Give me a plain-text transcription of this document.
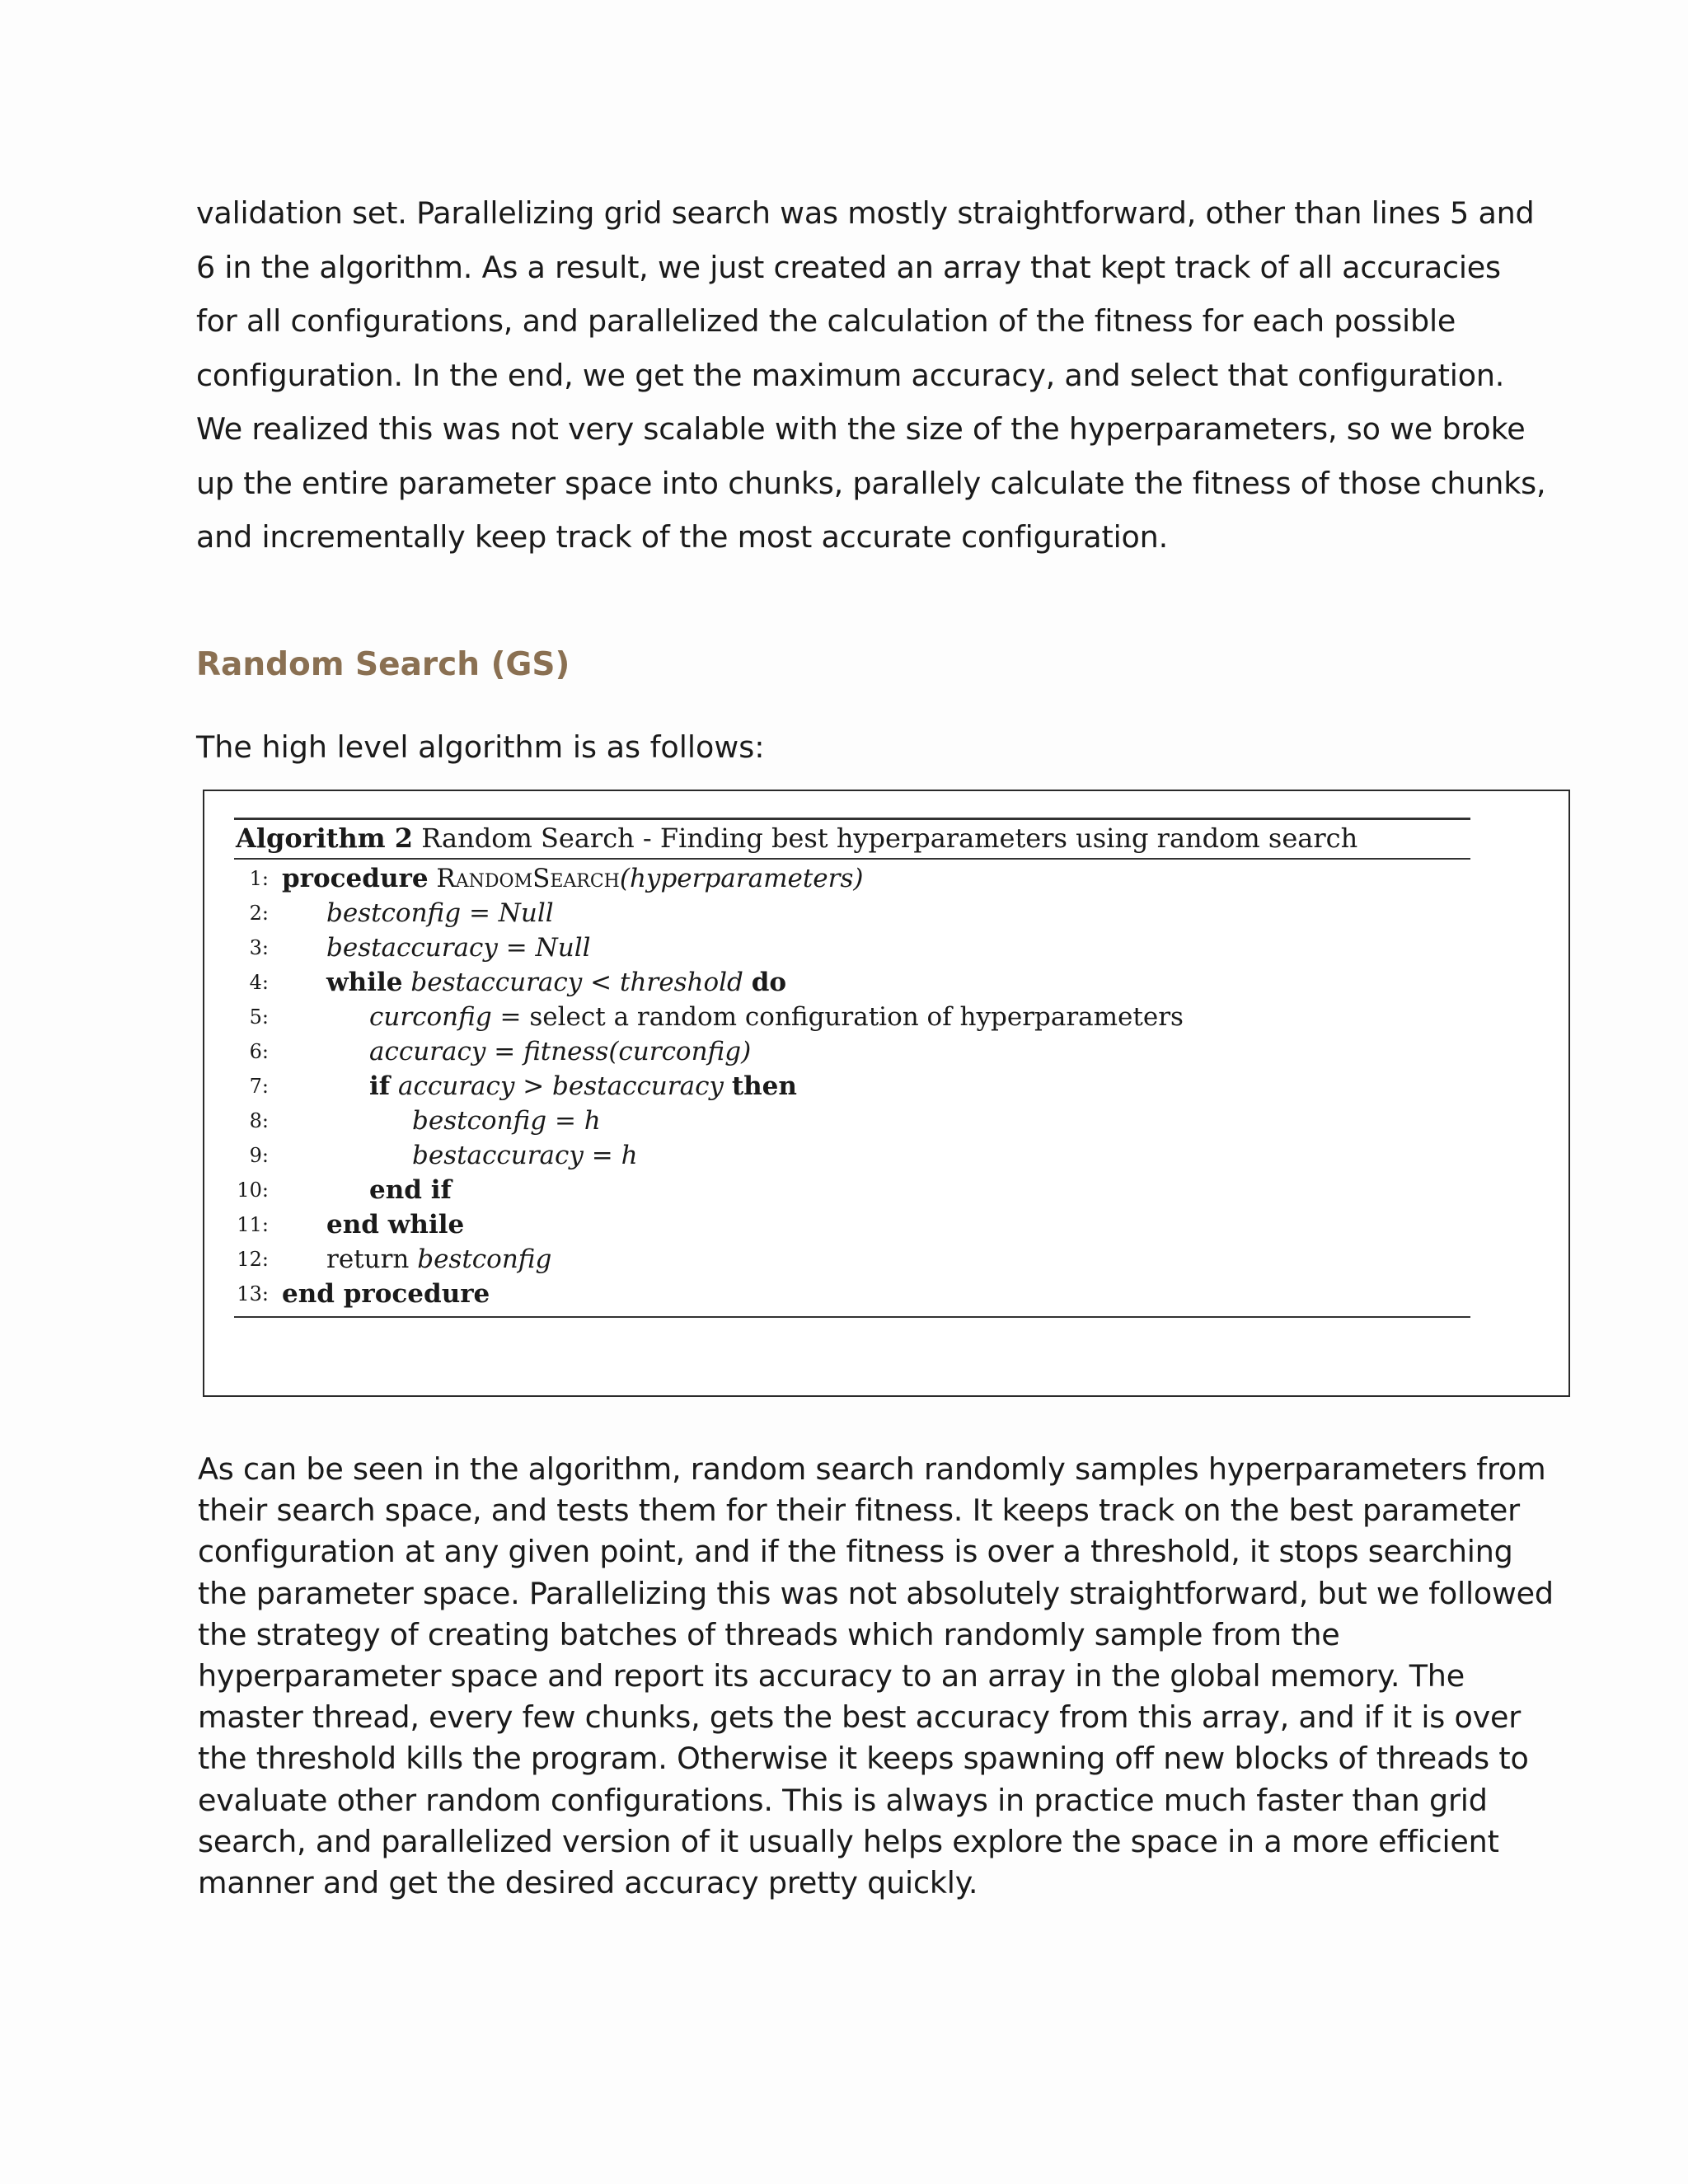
validation set. Parallelizing grid search was mostly straightforward, other than lines 5 and 6 in the algorithm. As a result, we just created an array that kept track of all accuracies for all configurations, and parallelized the calculation of the fitness for each possible configuration. In the end, we get the maximum accuracy, and select that configuration. We realized this was not very scalable with the size of the hyperparameters, so we broke up the entire parameter space into chunks, parallely calculate the fitness of those chunks, and incrementally keep track of the most accurate configuration.

Random Search (GS)

The high level algorithm is as follows:

Algorithm 2 Random Search - Finding best hyperparameters using random search
1: procedure RandomSearch(hyperparameters)
2: bestconfig = Null
3: bestaccuracy = Null
4: while bestaccuracy < threshold do
5:	curconfig = select a random configuration of hyperparameters
6:	accuracy = fitness(curconfig)
7:	if accuracy > bestaccuracy then
8:	bestconfig = h
9:	bestaccuracy = h
10:	end if
11: end while
12: return bestconfig
13: end procedure

As can be seen in the algorithm, random search randomly samples hyperparameters from their search space, and tests them for their fitness. It keeps track on the best parameter configuration at any given point, and if the fitness is over a threshold, it stops searching the parameter space. Parallelizing this was not absolutely straightforward, but we followed the strategy of creating batches of threads which randomly sample from the hyperparameter space and report its accuracy to an array in the global memory. The master thread, every few chunks, gets the best accuracy from this array, and if it is over the threshold kills the program. Otherwise it keeps spawning off new blocks of threads to evaluate other random configurations. This is always in practice much faster than grid search, and parallelized version of it usually helps explore the space in a more efficient manner and get the desired accuracy pretty quickly.
